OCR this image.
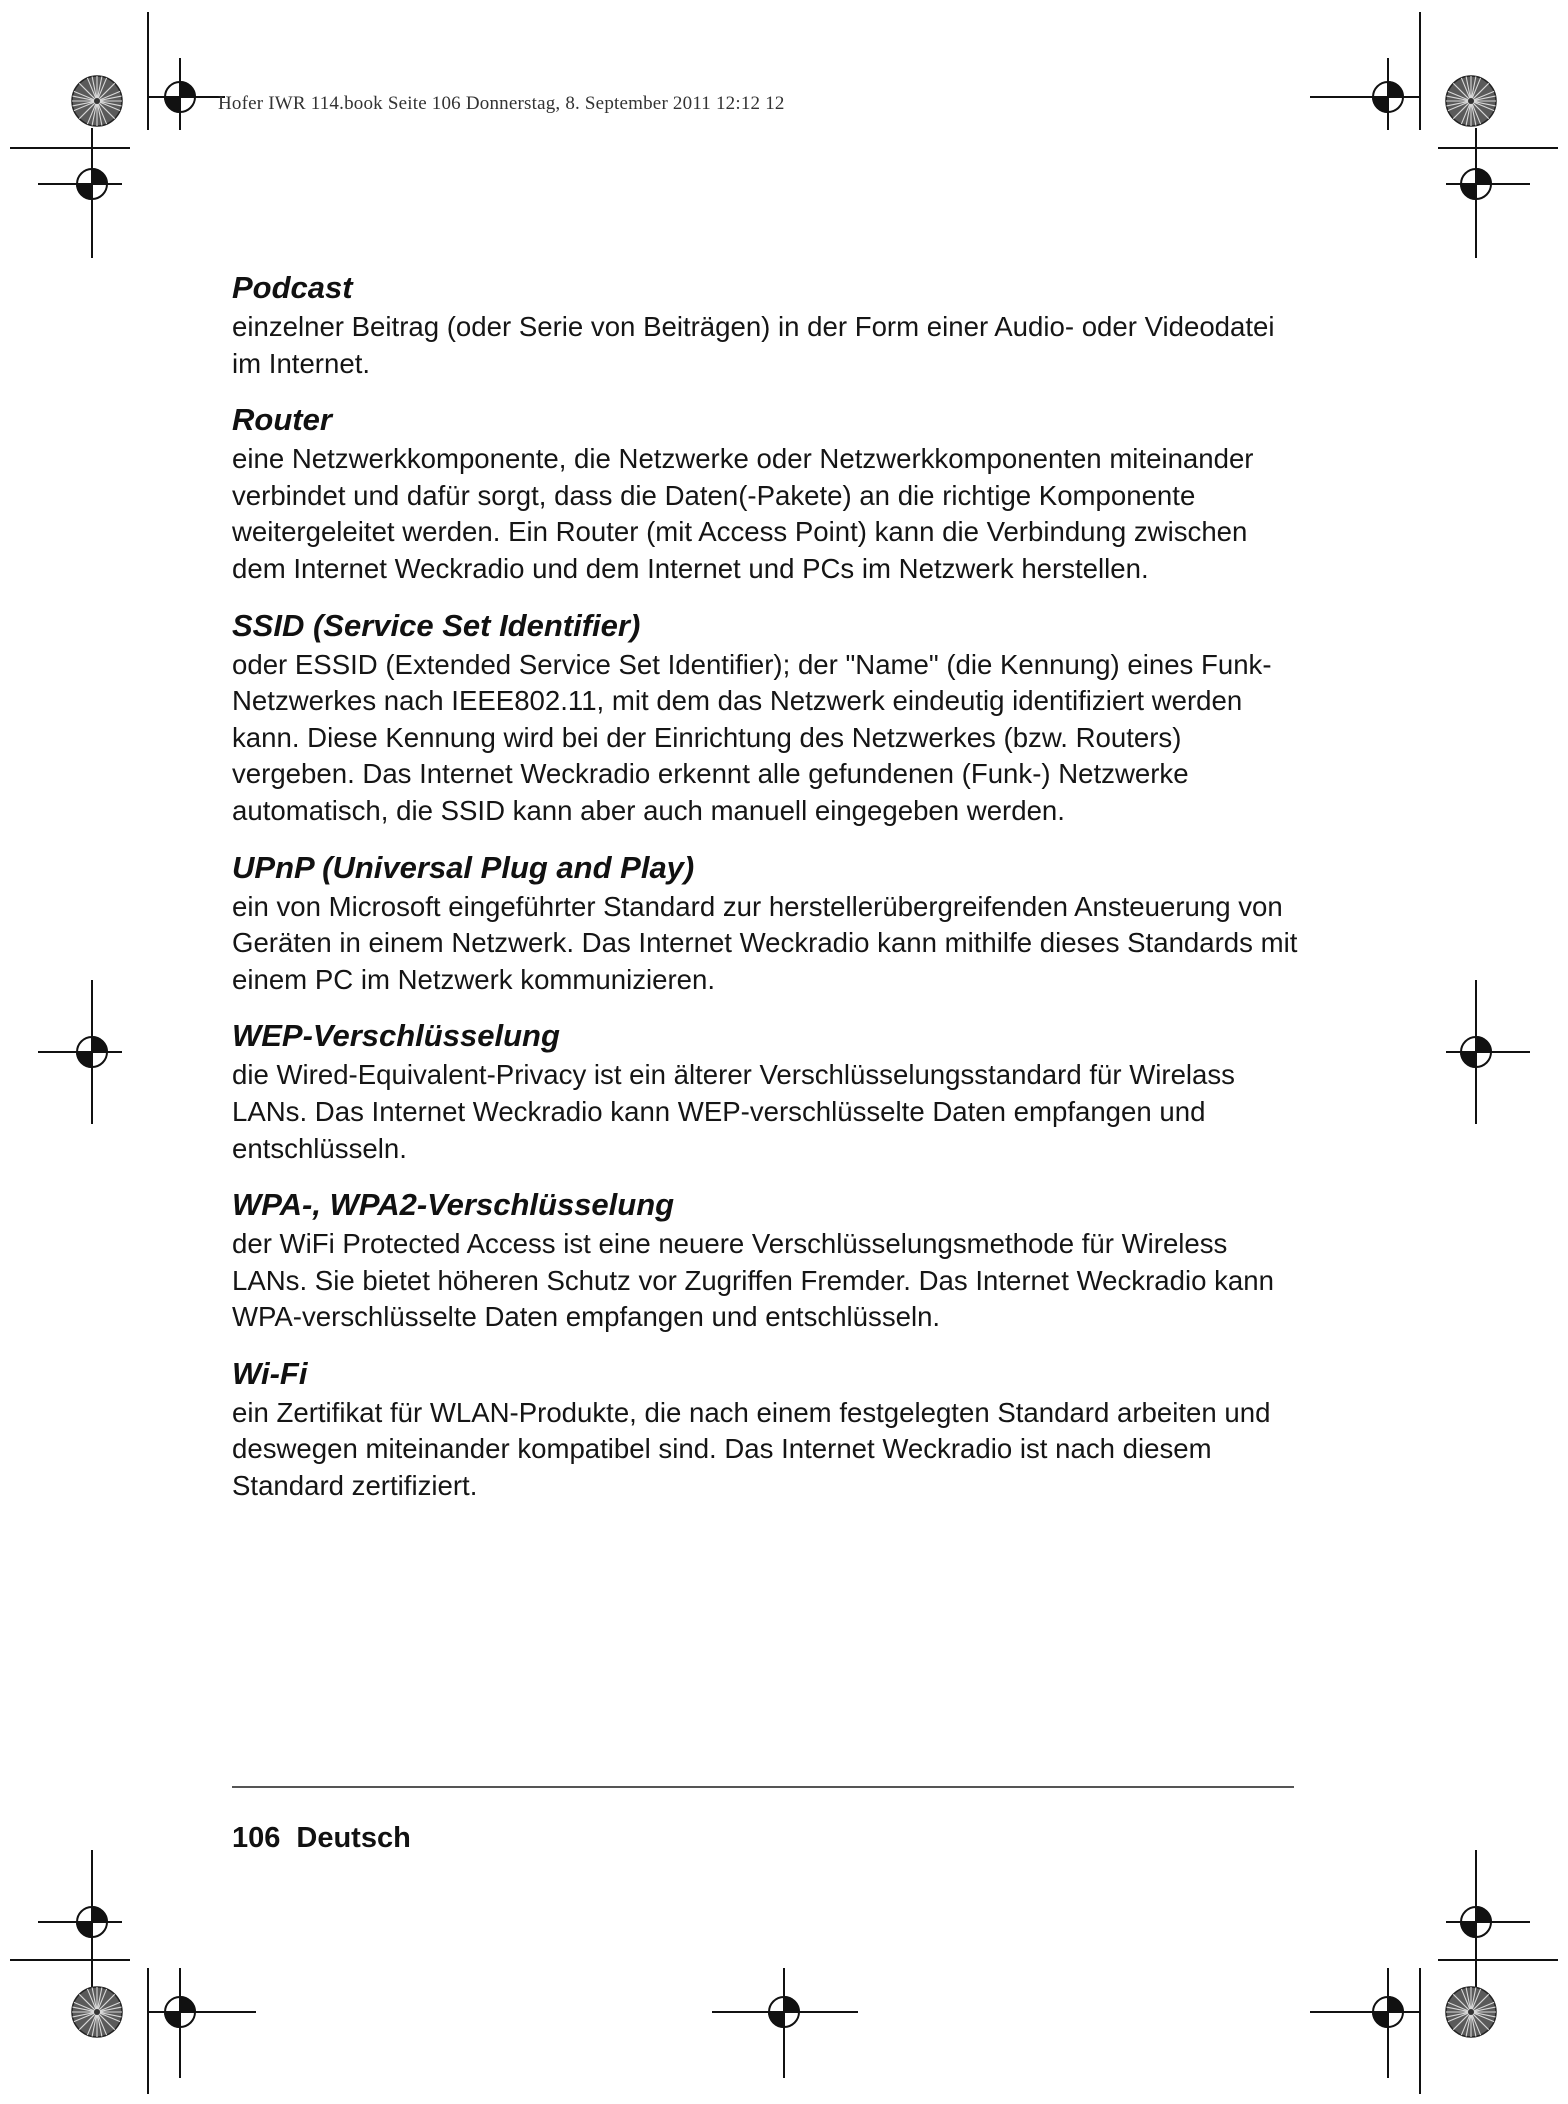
Hofer IWR 114.book Seite 106 Donnerstag, 8. September 2011 12:12 12
Podcast

einzelner Beitrag (oder Serie von Beiträgen) in der Form einer Audio- oder Videodatei im Internet.

Router

eine Netzwerkkomponente, die Netzwerke oder Netzwerkkomponenten miteinander verbindet und dafür sorgt, dass die Daten(-Pakete) an die richtige Komponente weitergeleitet werden. Ein Router (mit Access Point) kann die Verbindung zwischen dem Internet Weckradio und dem Internet und PCs im Netzwerk herstellen.

SSID (Service Set Identifier)

oder ESSID (Extended Service Set Identifier); der "Name" (die Kennung) eines Funk-Netzwerkes nach IEEE802.11, mit dem das Netzwerk eindeutig identifiziert werden kann. Diese Kennung wird bei der Einrichtung des Netzwerkes (bzw. Routers) vergeben. Das Internet Weckradio erkennt alle gefundenen (Funk-) Netzwerke automatisch, die SSID kann aber auch manuell eingegeben werden.

UPnP (Universal Plug and Play)

ein von Microsoft eingeführter Standard zur herstellerübergreifenden Ansteuerung von Geräten in einem Netzwerk. Das Internet Weckradio kann mithilfe dieses Standards mit einem PC im Netzwerk kommunizieren.

WEP-Verschlüsselung

die Wired-Equivalent-Privacy ist ein älterer Verschlüsselungsstandard für Wirelass LANs. Das Internet Weckradio kann WEP-verschlüsselte Daten empfangen und entschlüsseln.

WPA-, WPA2-Verschlüsselung

der WiFi Protected Access ist eine neuere Verschlüsselungsmethode für Wireless LANs. Sie bietet höheren Schutz vor Zugriffen Fremder. Das Internet Weckradio kann WPA-verschlüsselte Daten empfangen und entschlüsseln.

Wi-Fi

ein Zertifikat für WLAN-Produkte, die nach einem festgelegten Standard arbeiten und deswegen miteinander kompatibel sind. Das Internet Weckradio ist nach diesem Standard zertifiziert.

106 Deutsch
